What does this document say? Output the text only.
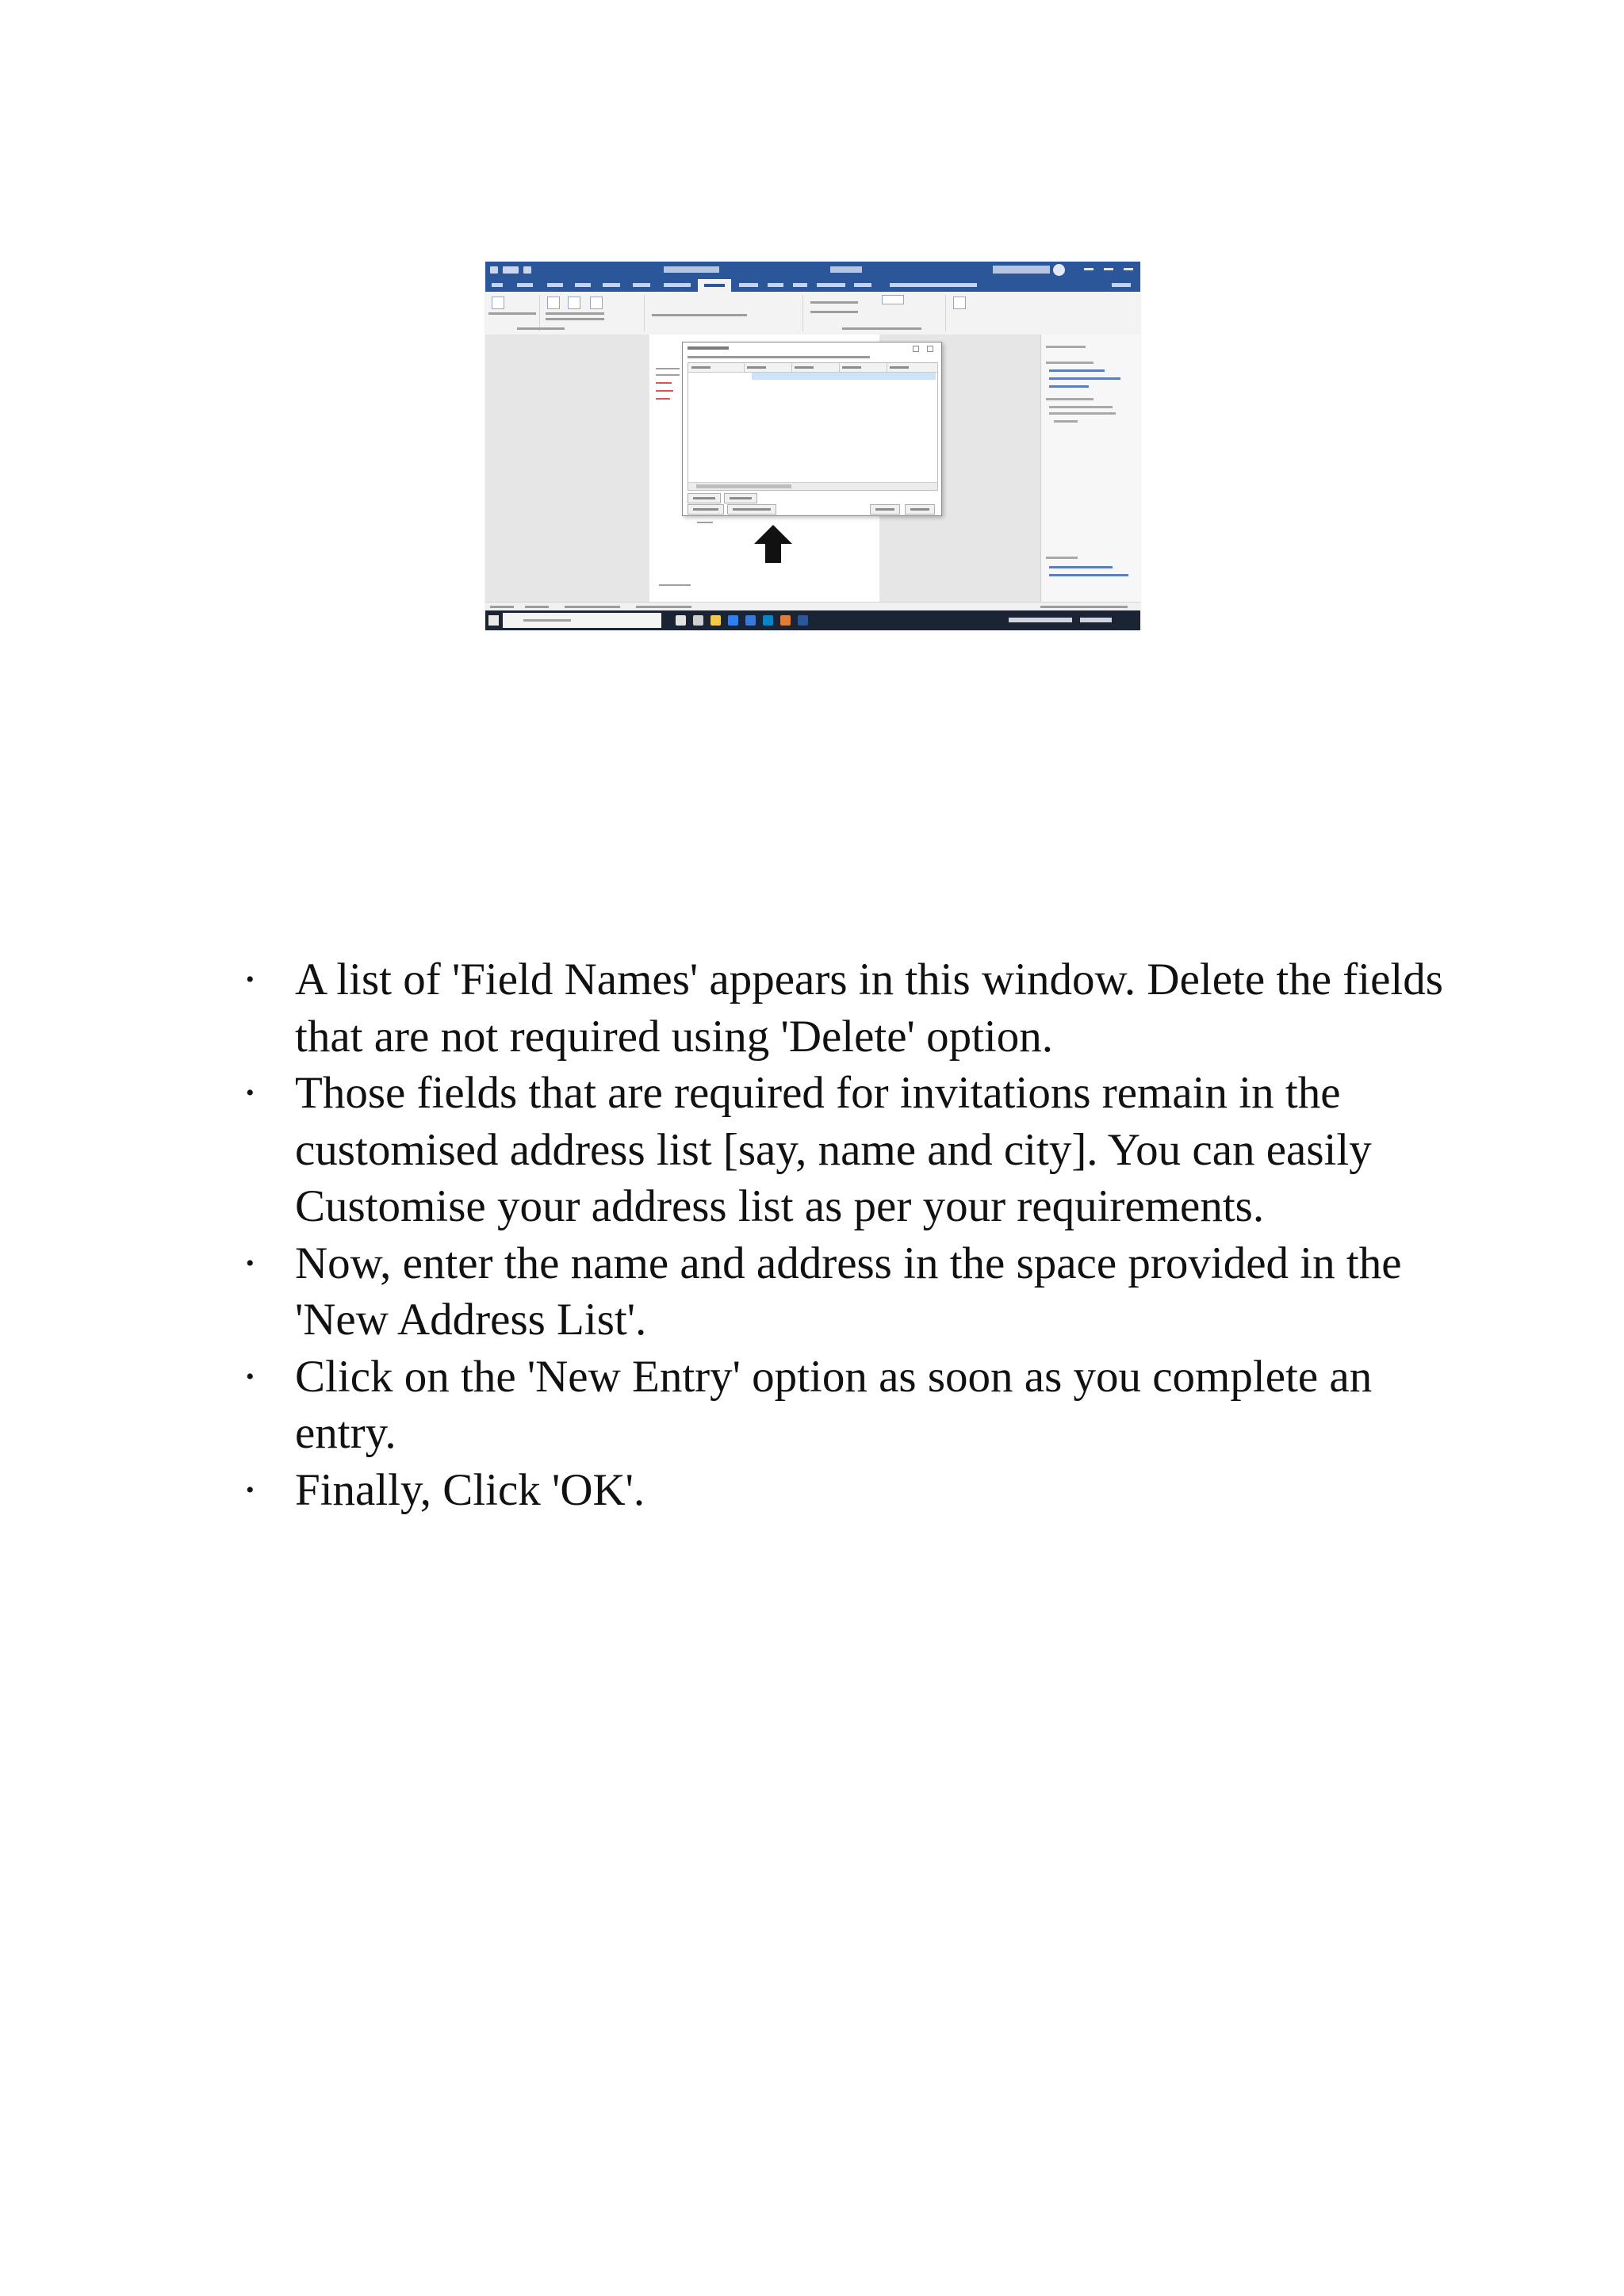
• A list of 'Field Names' appears in this window. Delete the fields that are not required using 'Delete' option.
• Those fields that are required for invitations remain in the customised address list [say, name and city]. You can easily Customise your address list as per your requirements.
• Now, enter the name and address in the space provided in the 'New Address List'.
• Click on the 'New Entry' option as soon as you complete an entry.
• Finally, Click 'OK'.
